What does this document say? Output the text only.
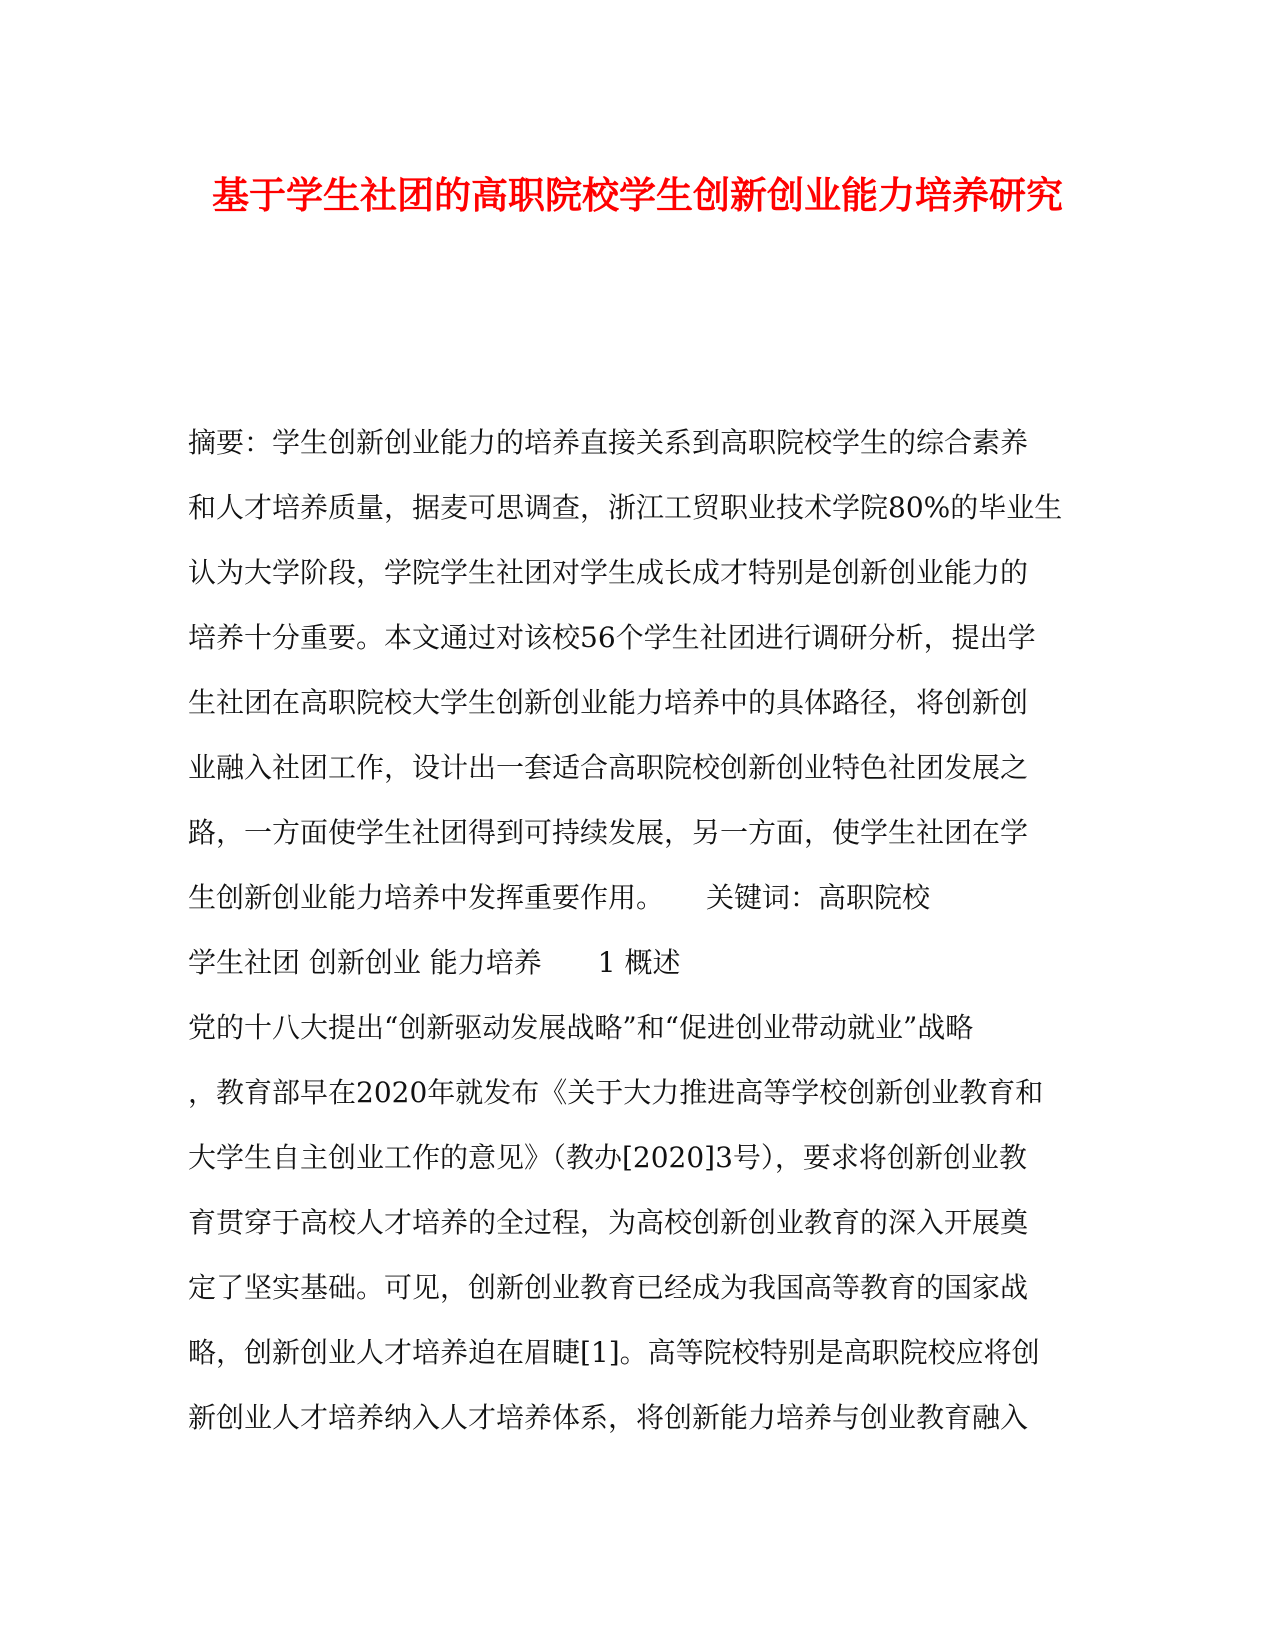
基于学生社团的高职院校学生创新创业能力培养研究
摘要：学生创新创业能力的培养直接关系到高职院校学生的综合素养
和人才培养质量，据麦可思调查，浙江工贸职业技术学院80%的毕业生
认为大学阶段，学院学生社团对学生成长成才特别是创新创业能力的
培养十分重要。本文通过对该校56个学生社团进行调研分析，提出学
生社团在高职院校大学生创新创业能力培养中的具体路径，将创新创
业融入社团工作，设计出一套适合高职院校创新创业特色社团发展之
路，一方面使学生社团得到可持续发展，另一方面，使学生社团在学
生创新创业能力培养中发挥重要作用。　　关键词：高职院校
学生社团 创新创业 能力培养　　1 概述
党的十八大提出“创新驱动发展战略”和“促进创业带动就业”战略
，教育部早在2020年就发布《关于大力推进高等学校创新创业教育和
大学生自主创业工作的意见》（教办[2020]3号），要求将创新创业教
育贯穿于高校人才培养的全过程，为高校创新创业教育的深入开展奠
定了坚实基础。可见，创新创业教育已经成为我国高等教育的国家战
略，创新创业人才培养迫在眉睫[1]。高等院校特别是高职院校应将创
新创业人才培养纳入人才培养体系，将创新能力培养与创业教育融入
